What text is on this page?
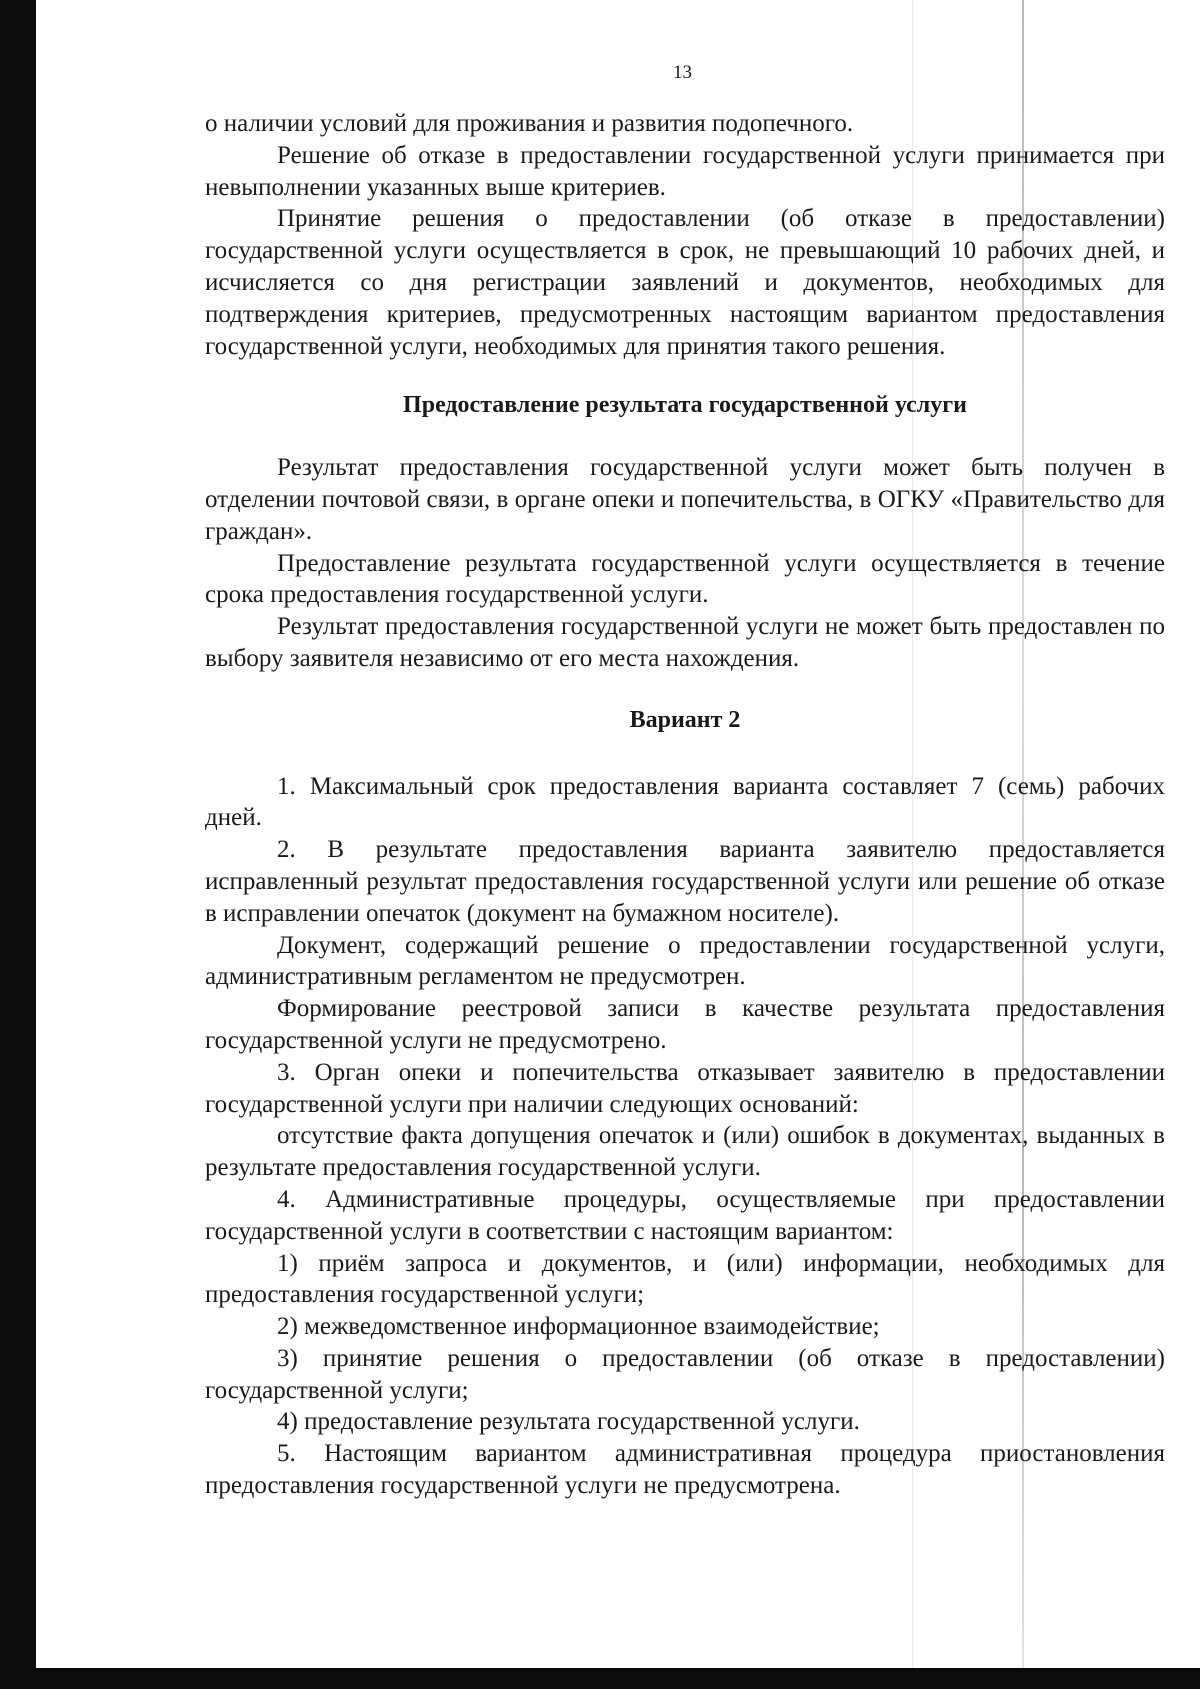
13

о наличии условий для проживания и развития подопечного.

Решение об отказе в предоставлении государственной услуги принимается при невыполнении указанных выше критериев.

Принятие решения о предоставлении (об отказе в предоставлении) государственной услуги осуществляется в срок, не превышающий 10 рабочих дней, и исчисляется со дня регистрации заявлений и документов, необходимых для подтверждения критериев, предусмотренных настоящим вариантом предоставления государственной услуги, необходимых для принятия такого решения.

Предоставление результата государственной услуги

Результат предоставления государственной услуги может быть получен в отделении почтовой связи, в органе опеки и попечительства, в ОГКУ «Правительство для граждан».

Предоставление результата государственной услуги осуществляется в течение срока предоставления государственной услуги.

Результат предоставления государственной услуги не может быть предоставлен по выбору заявителя независимо от его места нахождения.

Вариант 2

1. Максимальный срок предоставления варианта составляет 7 (семь) рабочих дней.

2. В результате предоставления варианта заявителю предоставляется исправленный результат предоставления государственной услуги или решение об отказе в исправлении опечаток (документ на бумажном носителе).

Документ, содержащий решение о предоставлении государственной услуги, административным регламентом не предусмотрен.

Формирование реестровой записи в качестве результата предоставления государственной услуги не предусмотрено.

3. Орган опеки и попечительства отказывает заявителю в предоставлении государственной услуги при наличии следующих оснований:

отсутствие факта допущения опечаток и (или) ошибок в документах, выданных в результате предоставления государственной услуги.

4. Административные процедуры, осуществляемые при предоставлении государственной услуги в соответствии с настоящим вариантом:

1) приём запроса и документов, и (или) информации, необходимых для предоставления государственной услуги;

2) межведомственное информационное взаимодействие;

3) принятие решения о предоставлении (об отказе в предоставлении) государственной услуги;

4) предоставление результата государственной услуги.

5. Настоящим вариантом административная процедура приостановления предоставления государственной услуги не предусмотрена.
